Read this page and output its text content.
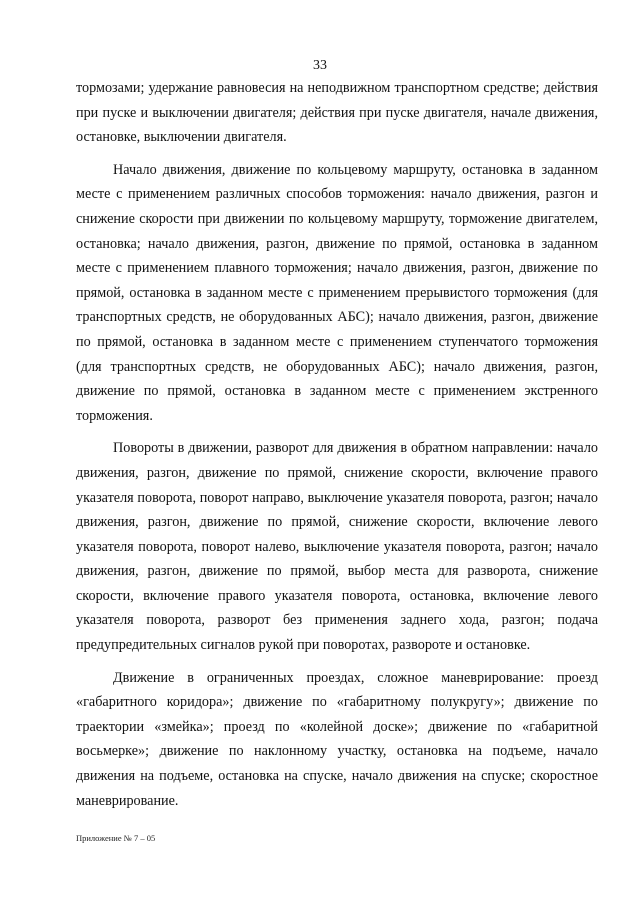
33

тормозами; удержание равновесия на неподвижном транспортном средстве; действия при пуске и выключении двигателя; действия при пуске двигателя, начале движения, остановке, выключении двигателя.

Начало движения, движение по кольцевому маршруту, остановка в заданном месте с применением различных способов торможения: начало движения, разгон и снижение скорости при движении по кольцевому маршруту, торможение двигателем, остановка; начало движения, разгон, движение по прямой, остановка в заданном месте с применением плавного торможения; начало движения, разгон, движение по прямой, остановка в заданном месте с применением прерывистого торможения (для транспортных средств, не оборудованных АБС); начало движения, разгон, движение по прямой, остановка в заданном месте с применением ступенчатого торможения (для транспортных средств, не оборудованных АБС); начало движения, разгон, движение по прямой, остановка в заданном месте с применением экстренного торможения.

Повороты в движении, разворот для движения в обратном направлении: начало движения, разгон, движение по прямой, снижение скорости, включение правого указателя поворота, поворот направо, выключение указателя поворота, разгон; начало движения, разгон, движение по прямой, снижение скорости, включение левого указателя поворота, поворот налево, выключение указателя поворота, разгон; начало движения, разгон, движение по прямой, выбор места для разворота, снижение скорости, включение правого указателя поворота, остановка, включение левого указателя поворота, разворот без применения заднего хода, разгон; подача предупредительных сигналов рукой при поворотах, развороте и остановке.

Движение в ограниченных проездах, сложное маневрирование: проезд «габаритного коридора»; движение по «габаритному полукругу»; движение по траектории «змейка»; проезд по «колейной доске»; движение по «габаритной восьмерке»; движение по наклонному участку, остановка на подъеме, начало движения на подъеме, остановка на спуске, начало движения на спуске; скоростное маневрирование.

Приложение № 7 – 05
